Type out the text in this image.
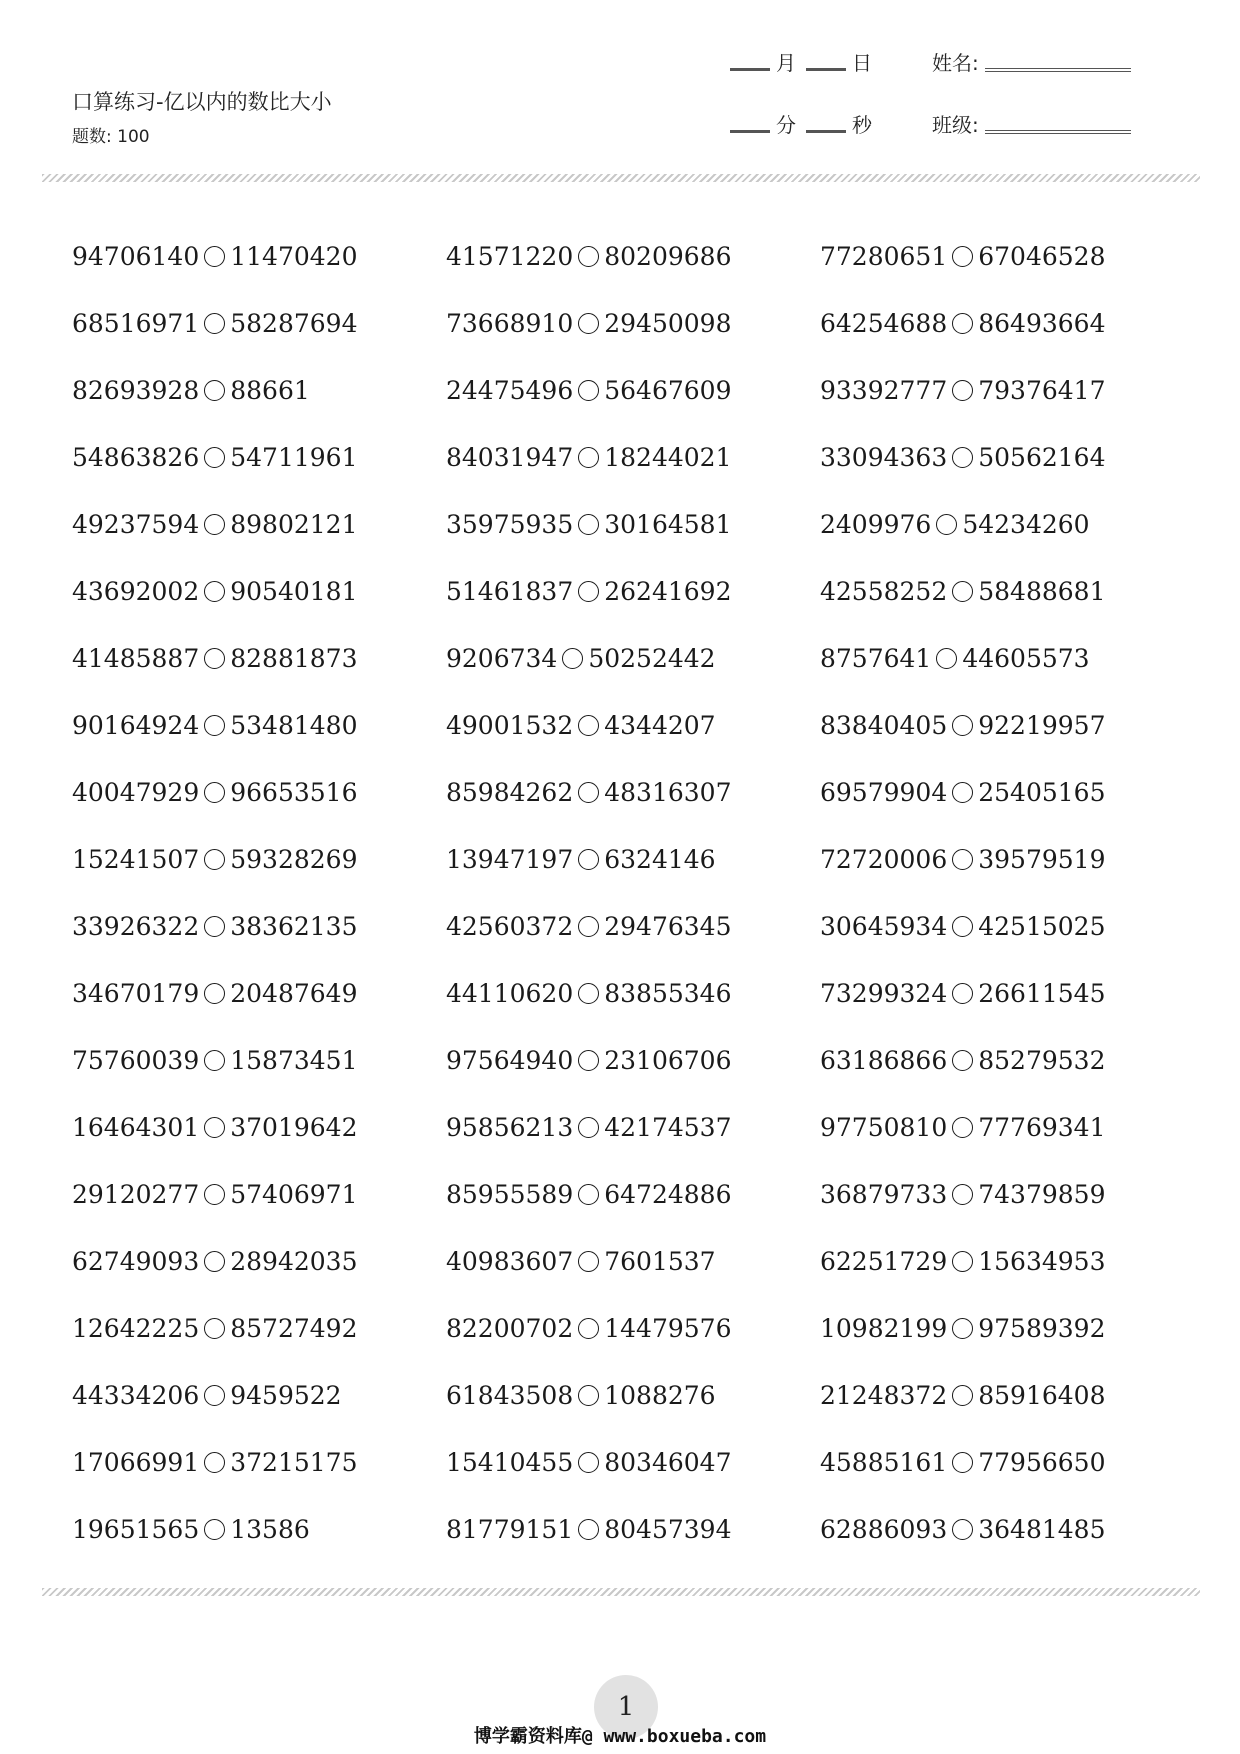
口算练习-亿以内的数比大小
题数: 100
月	日	姓名:
分	秒	班级:
94706140 11470420	41571220 80209686	77280651 67046528
68516971 58287694	73668910 29450098	64254688 86493664
82693928 88661	24475496 56467609	93392777 79376417
54863826 54711961	84031947 18244021	33094363 50562164
49237594 89802121	35975935 30164581	2409976 54234260
43692002 90540181	51461837 26241692	42558252 58488681
41485887 82881873	9206734 50252442	8757641 44605573
90164924 53481480	49001532 4344207	83840405 92219957
40047929 96653516	85984262 48316307	69579904 25405165
15241507 59328269	13947197 6324146	72720006 39579519
33926322 38362135	42560372 29476345	30645934 42515025
34670179 20487649	44110620 83855346	73299324 26611545
75760039 15873451	97564940 23106706	63186866 85279532
16464301 37019642	95856213 42174537	97750810 77769341
29120277 57406971	85955589 64724886	36879733 74379859
62749093 28942035	40983607 7601537	62251729 15634953
12642225 85727492	82200702 14479576	10982199 97589392
44334206 9459522	61843508 1088276	21248372 85916408
17066991 37215175	15410455 80346047	45885161 77956650
19651565 13586	81779151 80457394	62886093 36481485
1
博学霸资料库@ www.boxueba.com
